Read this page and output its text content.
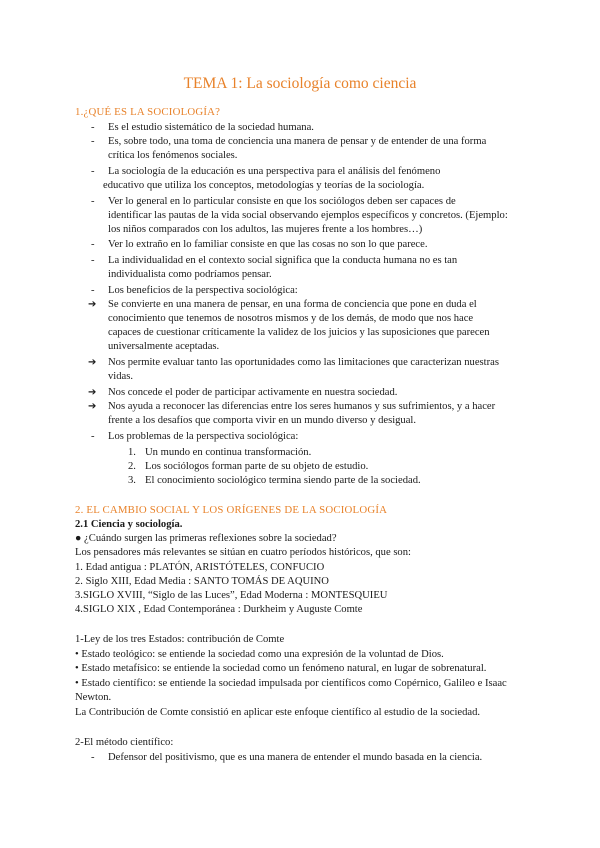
TEMA 1: La sociología como ciencia
1.¿QUÉ ES LA SOCIOLOGÍA?
- Es el estudio sistemático de la sociedad humana.
- Es, sobre todo, una toma de conciencia una manera de pensar y de entender de una forma
crítica los fenómenos sociales.
- La sociología de la educación es una perspectiva para el análisis del fenómeno
educativo que utiliza los conceptos, metodologías y teorías de la sociología.
- Ver lo general en lo particular consiste en que los sociólogos deben ser capaces de
identificar las pautas de la vida social observando ejemplos específicos y concretos. (Ejemplo:
los niños comparados con los adultos, las mujeres frente a los hombres…)
- Ver lo extraño en lo familiar consiste en que las cosas no son lo que parece.
- La individualidad en el contexto social significa que la conducta humana no es tan
individualista como podríamos pensar.
- Los beneficios de la perspectiva sociológica:
➔ Se convierte en una manera de pensar, en una forma de conciencia que pone en duda el
conocimiento que tenemos de nosotros mismos y de los demás, de modo que nos hace
capaces de cuestionar críticamente la validez de los juicios y las suposiciones que parecen
universalmente aceptadas.
➔ Nos permite evaluar tanto las oportunidades como las limitaciones que caracterizan nuestras
vidas.
➔ Nos concede el poder de participar activamente en nuestra sociedad.
➔ Nos ayuda a reconocer las diferencias entre los seres humanos y sus sufrimientos, y a hacer
frente a los desafíos que comporta vivir en un mundo diverso y desigual.
- Los problemas de la perspectiva sociológica:
1. Un mundo en continua transformación.
2. Los sociólogos forman parte de su objeto de estudio.
3. El conocimiento sociológico termina siendo parte de la sociedad.
2. EL CAMBIO SOCIAL Y LOS ORÍGENES DE LA SOCIOLOGÍA
2.1 Ciencia y sociología.
● ¿Cuándo surgen las primeras reflexiones sobre la sociedad?
Los pensadores más relevantes se sitúan en cuatro períodos históricos, que son:
1. Edad antigua : PLATÓN, ARISTÓTELES, CONFUCIO
2. Siglo XIII, Edad Media : SANTO TOMÁS DE AQUINO
3.SIGLO XVIII, “Siglo de las Luces”, Edad Moderna : MONTESQUIEU
4.SIGLO XIX , Edad Contemporánea : Durkheim y Auguste Comte
1-Ley de los tres Estados: contribución de Comte
• Estado teológico: se entiende la sociedad como una expresión de la voluntad de Dios.
• Estado metafísico: se entiende la sociedad como un fenómeno natural, en lugar de sobrenatural.
• Estado científico: se entiende la sociedad impulsada por científicos como Copérnico, Galileo e Isaac
Newton.
La Contribución de Comte consistió en aplicar este enfoque científico al estudio de la sociedad.
2-El método científico:
- Defensor del positivismo, que es una manera de entender el mundo basada en la ciencia.
